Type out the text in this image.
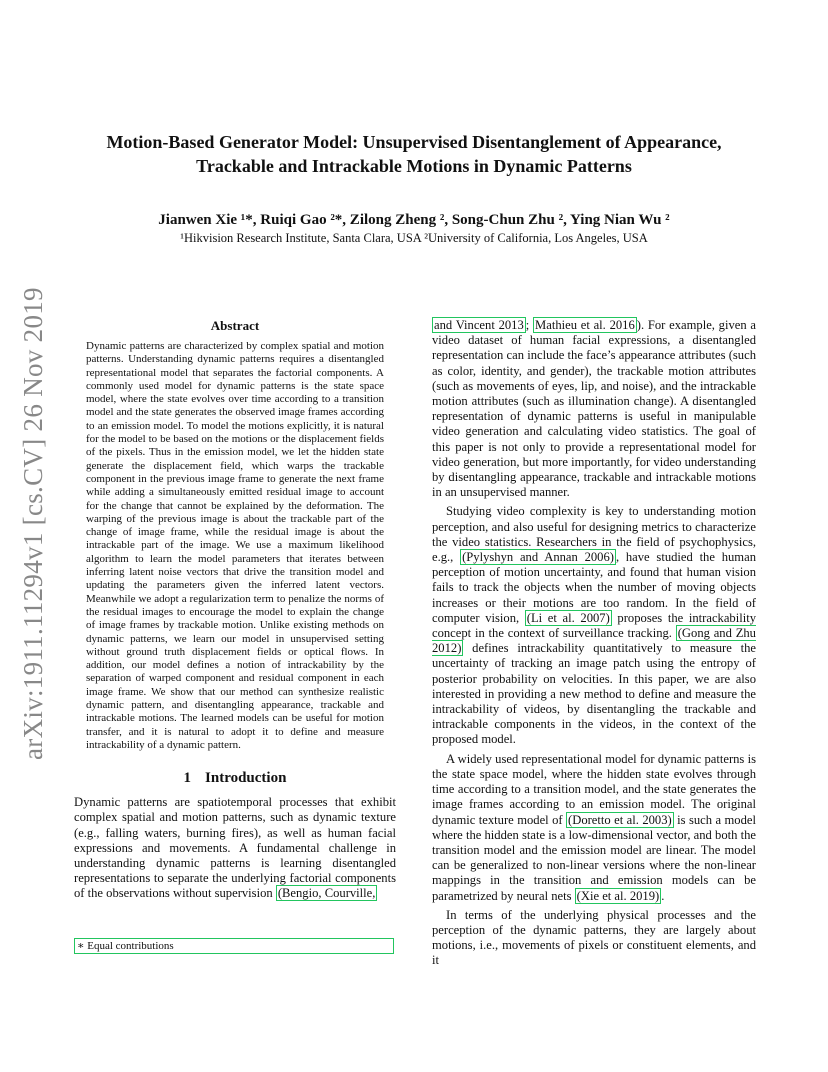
Motion-Based Generator Model: Unsupervised Disentanglement of Appearance,
Trackable and Intrackable Motions in Dynamic Patterns
Jianwen Xie ¹*, Ruiqi Gao ²*, Zilong Zheng ², Song-Chun Zhu ², Ying Nian Wu ²
¹Hikvision Research Institute, Santa Clara, USA ²University of California, Los Angeles, USA
arXiv:1911.11294v1 [cs.CV] 26 Nov 2019	Abstract

Dynamic patterns are characterized by complex spatial and motion patterns. Understanding dynamic patterns requires a disentangled representational model that separates the factorial components. A commonly used model for dynamic patterns is the state space model, where the state evolves over time according to a transition model and the state generates the observed image frames according to an emission model. To model the motions explicitly, it is natural for the model to be based on the motions or the displacement fields of the pixels. Thus in the emission model, we let the hidden state generate the displacement field, which warps the trackable component in the previous image frame to generate the next frame while adding a simultaneously emitted residual image to account for the change that cannot be explained by the deformation. The warping of the previous image is about the trackable part of the change of image frame, while the residual image is about the intrackable part of the image. We use a maximum likelihood algorithm to learn the model parameters that iterates between inferring latent noise vectors that drive the transition model and updating the parameters given the inferred latent vectors. Meanwhile we adopt a regularization term to penalize the norms of the residual images to encourage the model to explain the change of image frames by trackable motion. Unlike existing methods on dynamic patterns, we learn our model in unsupervised setting without ground truth displacement fields or optical flows. In addition, our model defines a notion of intrackability by the separation of warped component and residual component in each image frame. We show that our method can synthesize realistic dynamic pattern, and disentangling appearance, trackable and intrackable motions. The learned models can be useful for motion transfer, and it is natural to adopt it to define and measure intrackability of a dynamic pattern.

1 Introduction

Dynamic patterns are spatiotemporal processes that exhibit complex spatial and motion patterns, such as dynamic texture (e.g., falling waters, burning fires), as well as human facial expressions and movements. A fundamental challenge in understanding dynamic patterns is learning disentangled representations to separate the underlying factorial components of the observations without supervision (Bengio, Courville,

∗ Equal contributions

and Vincent 2013 ; Mathieu et al. 2016 ). For example, given a video dataset of human facial expressions, a disentangled representation can include the face’s appearance attributes (such as color, identity, and gender), the trackable motion attributes (such as movements of eyes, lip, and noise), and the intrackable motion attributes (such as illumination change). A disentangled representation of dynamic patterns is useful in manipulable video generation and calculating video statistics. The goal of this paper is not only to provide a representational model for video generation, but more importantly, for video understanding by disentangling appearance, trackable and intrackable motions in an unsupervised manner.

Studying video complexity is key to understanding motion perception, and also useful for designing metrics to characterize the video statistics. Researchers in the field of psychophysics, e.g., (Pylyshyn and Annan 2006) , have studied the human perception of motion uncertainty, and found that human vision fails to track the objects when the number of moving objects increases or their motions are too random. In the field of computer vision, (Li et al. 2007) proposes the intrackability concept in the context of surveillance tracking. (Gong and Zhu 2012) defines intrackability quantitatively to measure the uncertainty of tracking an image patch using the entropy of posterior probability on velocities. In this paper, we are also interested in providing a new method to define and measure the intrackability of videos, by disentangling the trackable and intrackable components in the videos, in the context of the proposed model.

A widely used representational model for dynamic patterns is the state space model, where the hidden state evolves through time according to a transition model, and the state generates the image frames according to an emission model. The original dynamic texture model of (Doretto et al. 2003) is such a model where the hidden state is a low-dimensional vector, and both the transition model and the emission model are linear. The model can be generalized to non-linear versions where the non-linear mappings in the transition and emission models can be parametrized by neural nets (Xie et al. 2019) .

In terms of the underlying physical processes and the perception of the dynamic patterns, they are largely about motions, i.e., movements of pixels or constituent elements, and it
